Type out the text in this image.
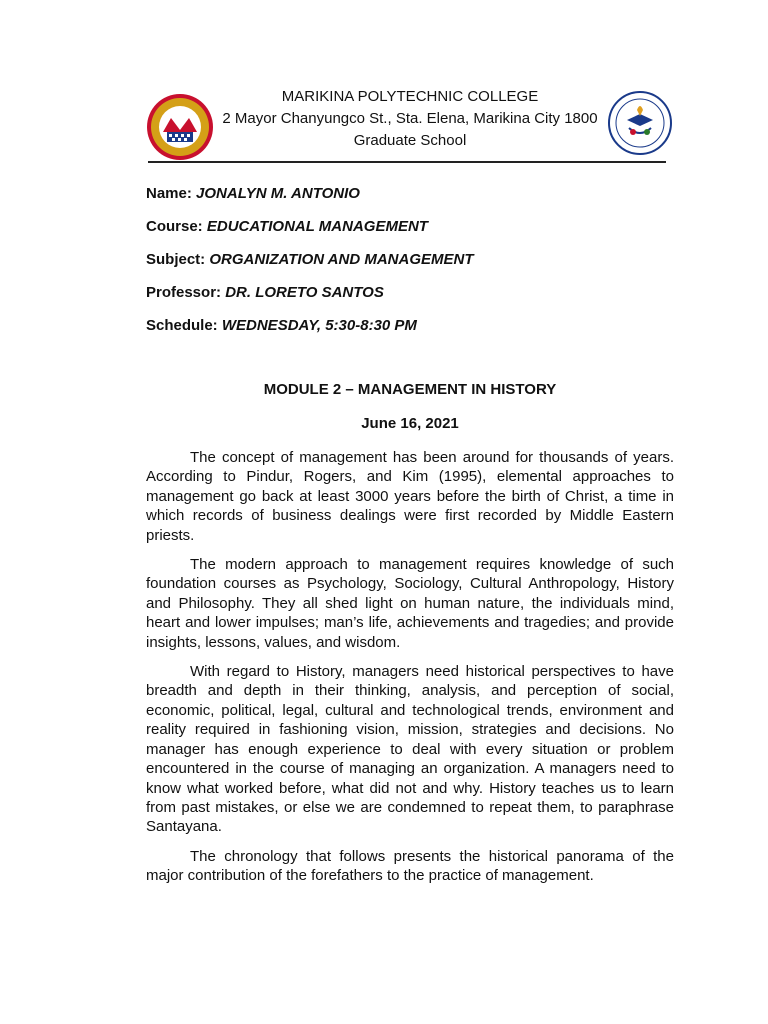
MARIKINA POLYTECHNIC COLLEGE
2 Mayor Chanyungco St., Sta. Elena, Marikina City 1800
Graduate School
Name: JONALYN M. ANTONIO
Course: EDUCATIONAL MANAGEMENT
Subject: ORGANIZATION AND MANAGEMENT
Professor: DR. LORETO SANTOS
Schedule: WEDNESDAY, 5:30-8:30 PM
MODULE 2 – MANAGEMENT IN HISTORY
June 16, 2021

The concept of management has been around for thousands of years. According to Pindur, Rogers, and Kim (1995), elemental approaches to management go back at least 3000 years before the birth of Christ, a time in which records of business dealings were first recorded by Middle Eastern priests.

The modern approach to management requires knowledge of such foundation courses as Psychology, Sociology, Cultural Anthropology, History and Philosophy. They all shed light on human nature, the individuals mind, heart and lower impulses; man’s life, achievements and tragedies; and provide insights, lessons, values, and wisdom.

With regard to History, managers need historical perspectives to have breadth and depth in their thinking, analysis, and perception of social, economic, political, legal, cultural and technological trends, environment and reality required in fashioning vision, mission, strategies and decisions. No manager has enough experience to deal with every situation or problem encountered in the course of managing an organization. A managers need to know what worked before, what did not and why. History teaches us to learn from past mistakes, or else we are condemned to repeat them, to paraphrase Santayana.

The chronology that follows presents the historical panorama of the major contribution of the forefathers to the practice of management.
